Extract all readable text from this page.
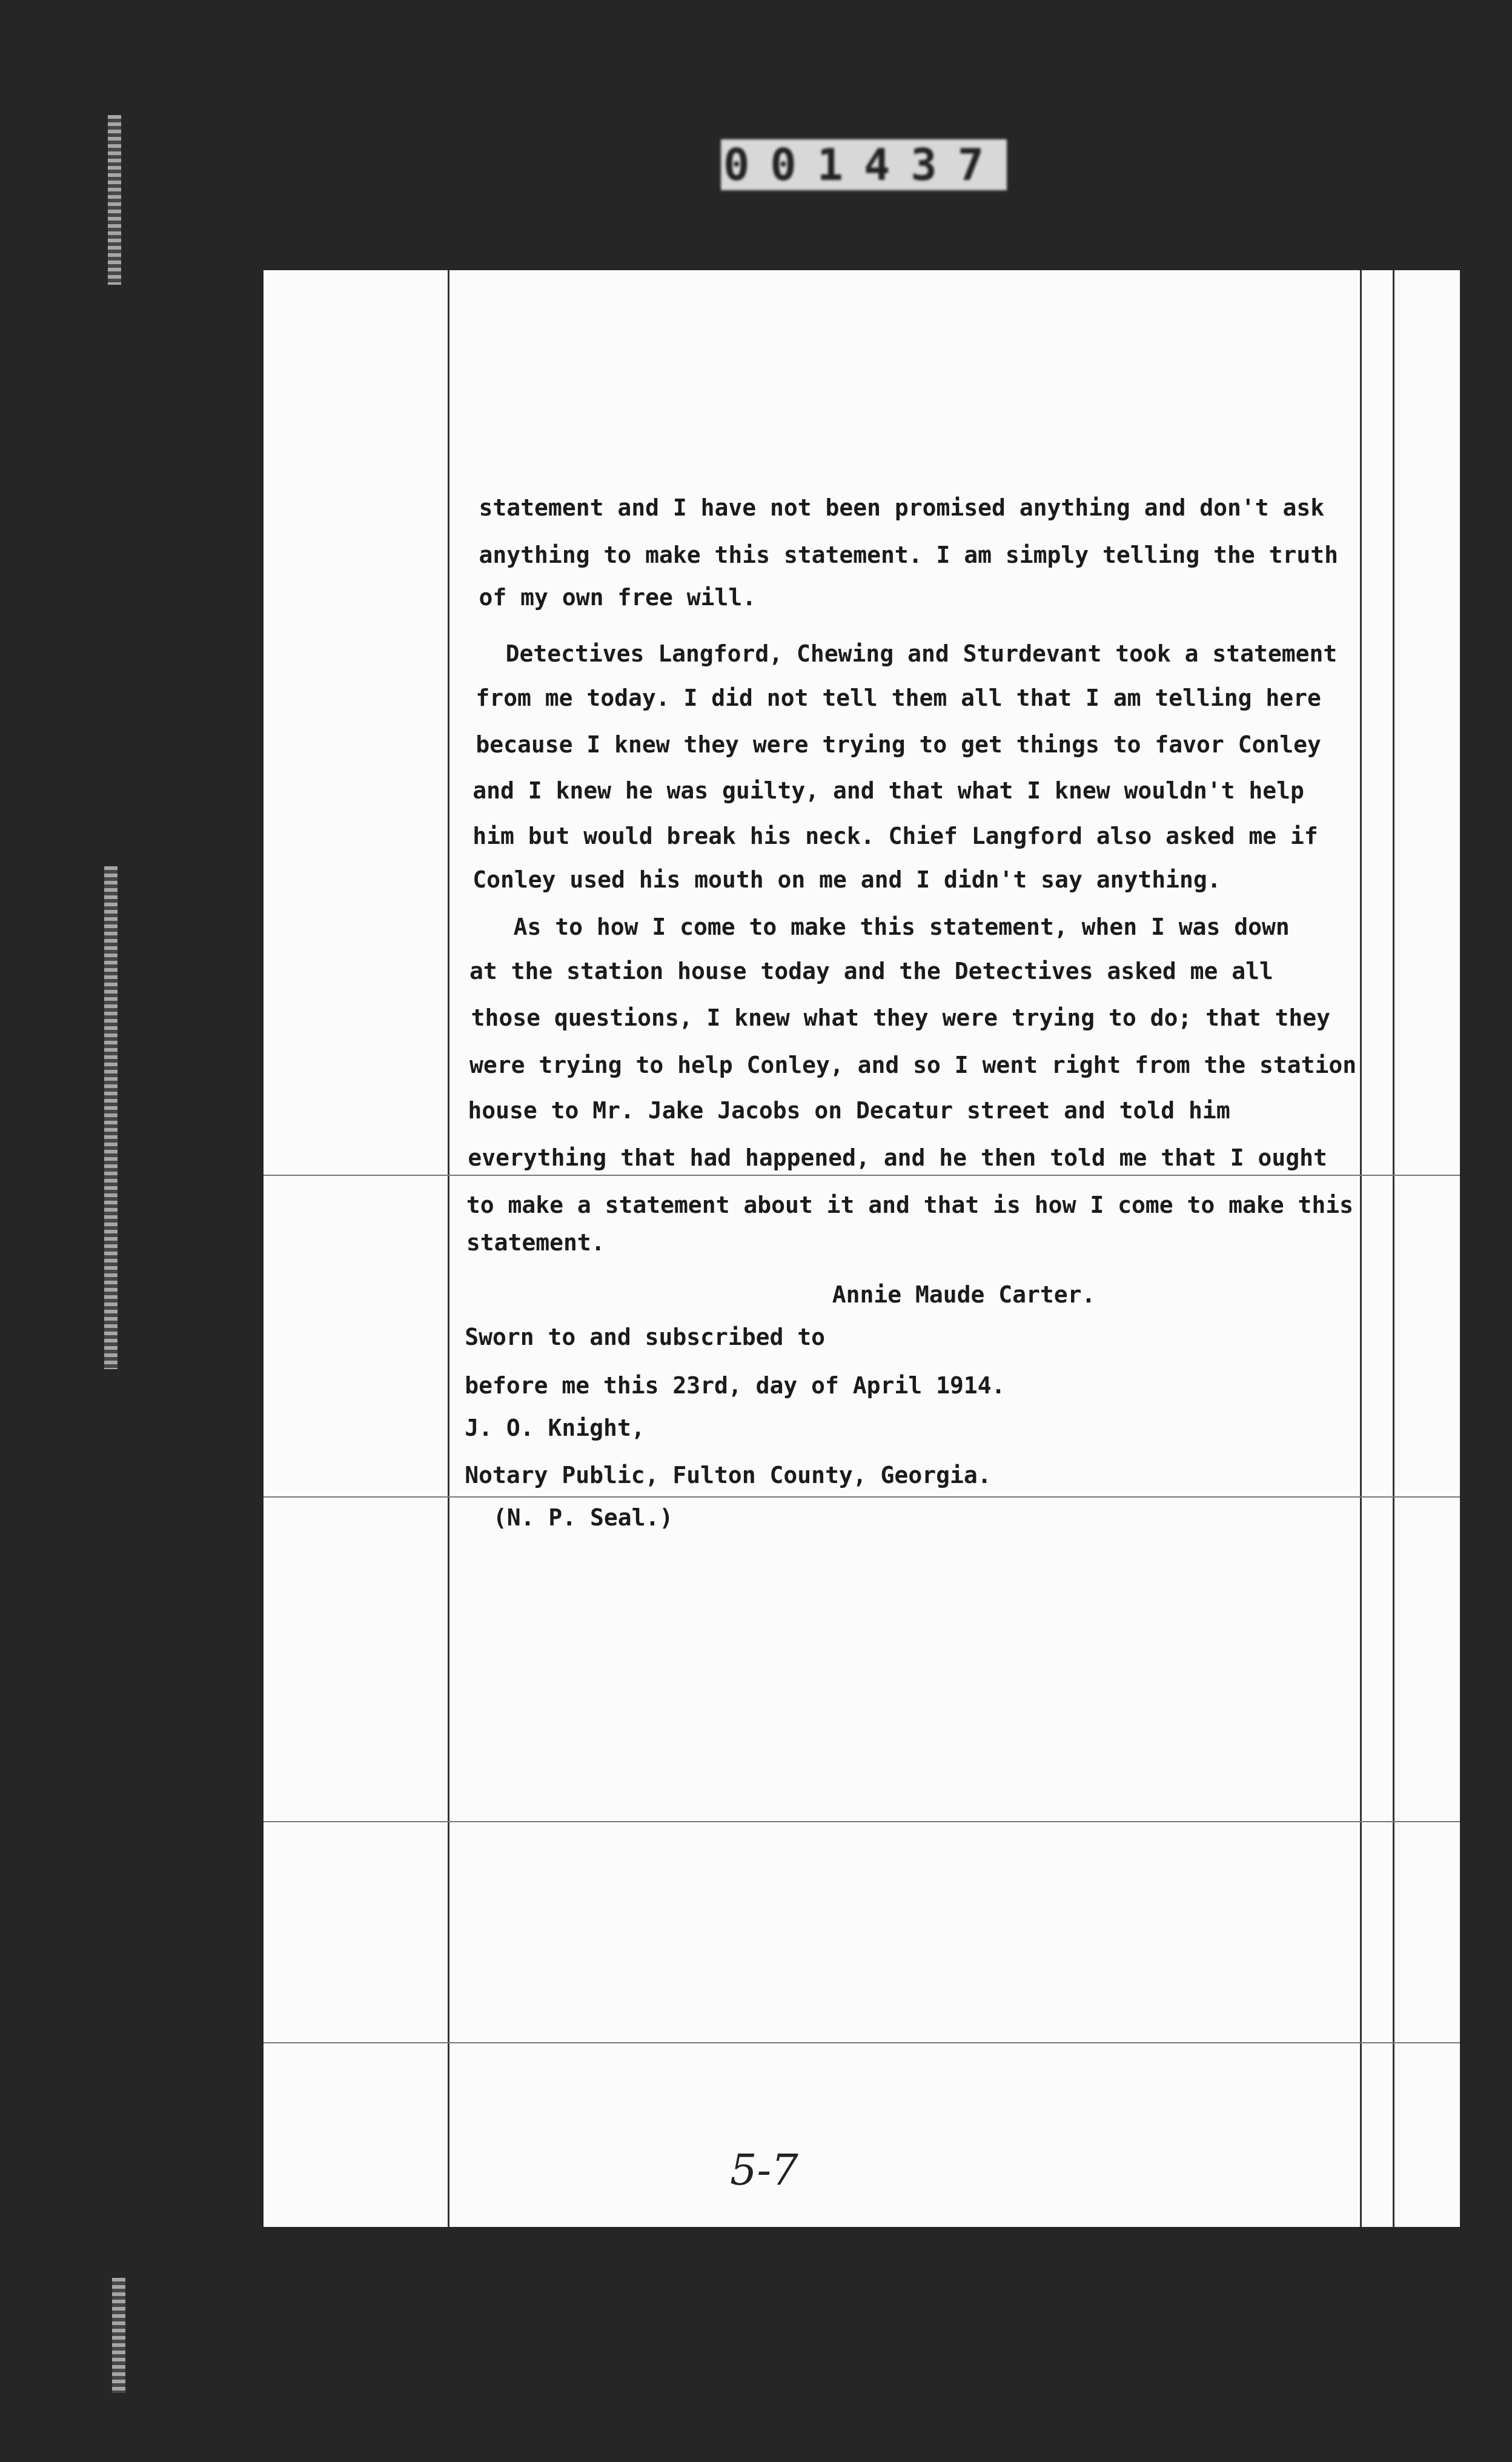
001437
statement and I have not been promised anything and don't ask
anything to make this statement. I am simply telling the truth
of my own free will.
Detectives Langford, Chewing and Sturdevant took a statement
from me today. I did not tell them all that I am telling here
because I knew they were trying to get things to favor Conley
and I knew he was guilty, and that what I knew wouldn't help
him but would break his neck. Chief Langford also asked me if
Conley used his mouth on me and I didn't say anything.
As to how I come to make this statement, when I was down
at the station house today and the Detectives asked me all
those questions, I knew what they were trying to do; that they
were trying to help Conley, and so I went right from the station
house to Mr. Jake Jacobs on Decatur street and told him
everything that had happened, and he then told me that I ought
to make a statement about it and that is how I come to make this
statement.
Annie Maude Carter.
Sworn to and subscribed to
before me this 23rd, day of April 1914.
J. O. Knight,
Notary Public, Fulton County, Georgia.
(N. P. Seal.)
5-7
